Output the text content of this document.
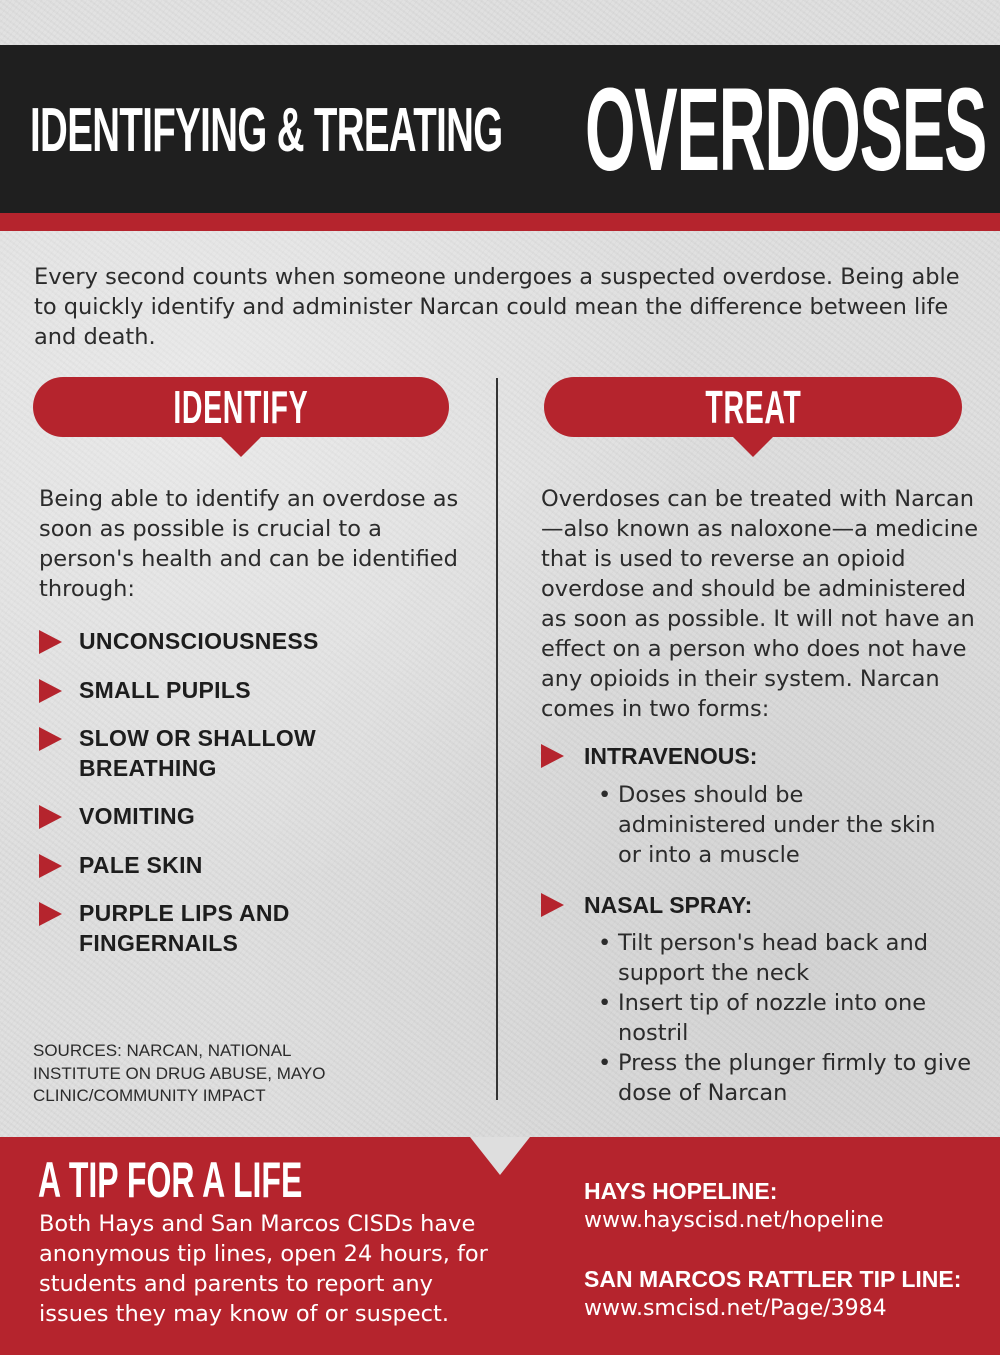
IDENTIFYING & TREATING OVERDOSES

Every second counts when someone undergoes a suspected overdose. Being able to quickly identify and administer Narcan could mean the difference between life and death.

IDENTIFY	TREAT

Being able to identify an overdose as soon as possible is crucial to a person's health and can be identified through:

UNCONSCIOUSNESS
SMALL PUPILS
SLOW OR SHALLOW BREATHING
VOMITING
PALE SKIN
PURPLE LIPS AND FINGERNAILS

SOURCES: NARCAN, NATIONAL INSTITUTE ON DRUG ABUSE, MAYO CLINIC/COMMUNITY IMPACT

Overdoses can be treated with Narcan—also known as naloxone—a medicine that is used to reverse an opioid overdose and should be administered as soon as possible. It will not have an effect on a person who does not have any opioids in their system. Narcan comes in two forms:

INTRAVENOUS:
• Doses should be administered under the skin or into a muscle
NASAL SPRAY:
• Tilt person's head back and support the neck
• Insert tip of nozzle into one nostril
• Press the plunger firmly to give dose of Narcan
A TIP FOR A LIFE

Both Hays and San Marcos CISDs have anonymous tip lines, open 24 hours, for students and parents to report any issues they may know of or suspect.

HAYS HOPELINE:
www.hayscisd.net/hopeline
SAN MARCOS RATTLER TIP LINE:
www.smcisd.net/Page/3984
